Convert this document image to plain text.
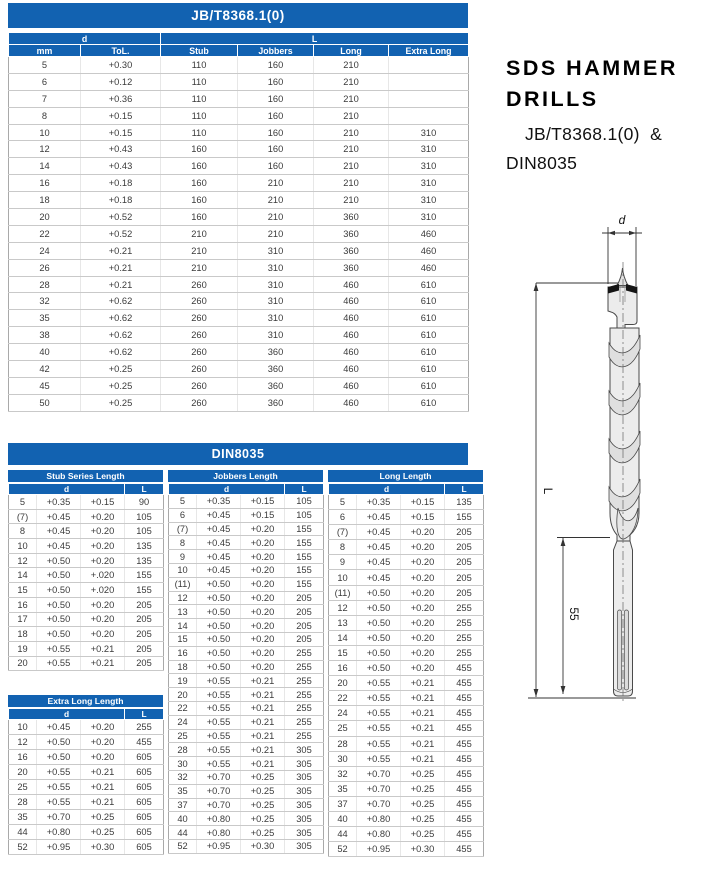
JB/T8368.1(0)
d		L			
mm	ToL.	Stub	Jobbers	Long	Extra Long
5	+0.30	110	160	210	
6	+0.12	110	160	210	
7	+0.36	110	160	210	
8	+0.15	110	160	210	
10	+0.15	110	160	210	310
12	+0.43	160	160	210	310
14	+0.43	160	160	210	310
16	+0.18	160	210	210	310
18	+0.18	160	210	210	310
20	+0.52	160	210	360	310
22	+0.52	210	210	360	460
24	+0.21	210	310	360	460
26	+0.21	210	310	360	460
28	+0.21	260	310	460	610
32	+0.62	260	310	460	610
35	+0.62	260	310	460	610
38	+0.62	260	310	460	610
40	+0.62	260	360	460	610
42	+0.25	260	360	460	610
45	+0.25	260	360	460	610
50	+0.25	260	360	460	610
DIN8035
Stub Series Length
d			L
5	+0.35	+0.15	90
(7)	+0.45	+0.20	105
8	+0.45	+0.20	105
10	+0.45	+0.20	135
12	+0.50	+0.20	135
14	+0.50	+.020	155
15	+0.50	+.020	155
16	+0.50	+0.20	205
17	+0.50	+0.20	205
18	+0.50	+0.20	205
19	+0.55	+0.21	205
20	+0.55	+0.21	205
Jobbers Length
d			L
5	+0.35	+0.15	105
6	+0.45	+0.15	105
(7)	+0.45	+0.20	155
8	+0.45	+0.20	155
9	+0.45	+0.20	155
10	+0.45	+0.20	155
(11)	+0.50	+0.20	155
12	+0.50	+0.20	205
13	+0.50	+0.20	205
14	+0.50	+0.20	205
15	+0.50	+0.20	205
16	+0.50	+0.20	255
18	+0.50	+0.20	255
19	+0.55	+0.21	255
20	+0.55	+0.21	255
22	+0.55	+0.21	255
24	+0.55	+0.21	255
25	+0.55	+0.21	255
28	+0.55	+0.21	305
30	+0.55	+0.21	305
32	+0.70	+0.25	305
35	+0.70	+0.25	305
37	+0.70	+0.25	305
40	+0.80	+0.25	305
44	+0.80	+0.25	305
52	+0.95	+0.30	305
Long Length
d			L
5	+0.35	+0.15	135
6	+0.45	+0.15	155
(7)	+0.45	+0.20	205
8	+0.45	+0.20	205
9	+0.45	+0.20	205
10	+0.45	+0.20	205
(11)	+0.50	+0.20	205
12	+0.50	+0.20	255
13	+0.50	+0.20	255
14	+0.50	+0.20	255
15	+0.50	+0.20	255
16	+0.50	+0.20	455
20	+0.55	+0.21	455
22	+0.55	+0.21	455
24	+0.55	+0.21	455
25	+0.55	+0.21	455
28	+0.55	+0.21	455
30	+0.55	+0.21	455
32	+0.70	+0.25	455
35	+0.70	+0.25	455
37	+0.70	+0.25	455
40	+0.80	+0.25	455
44	+0.80	+0.25	455
52	+0.95	+0.30	455
Extra Long Length
d			L
10	+0.45	+0.20	255
12	+0.50	+0.20	455
16	+0.50	+0.20	605
20	+0.55	+0.21	605
25	+0.55	+0.21	605
28	+0.55	+0.21	605
35	+0.70	+0.25	605
44	+0.80	+0.25	605
52	+0.95	+0.30	605
SDS HAMMER
DRILLS
JB/T8368.1(0)  &
DIN8035
d
L
55
